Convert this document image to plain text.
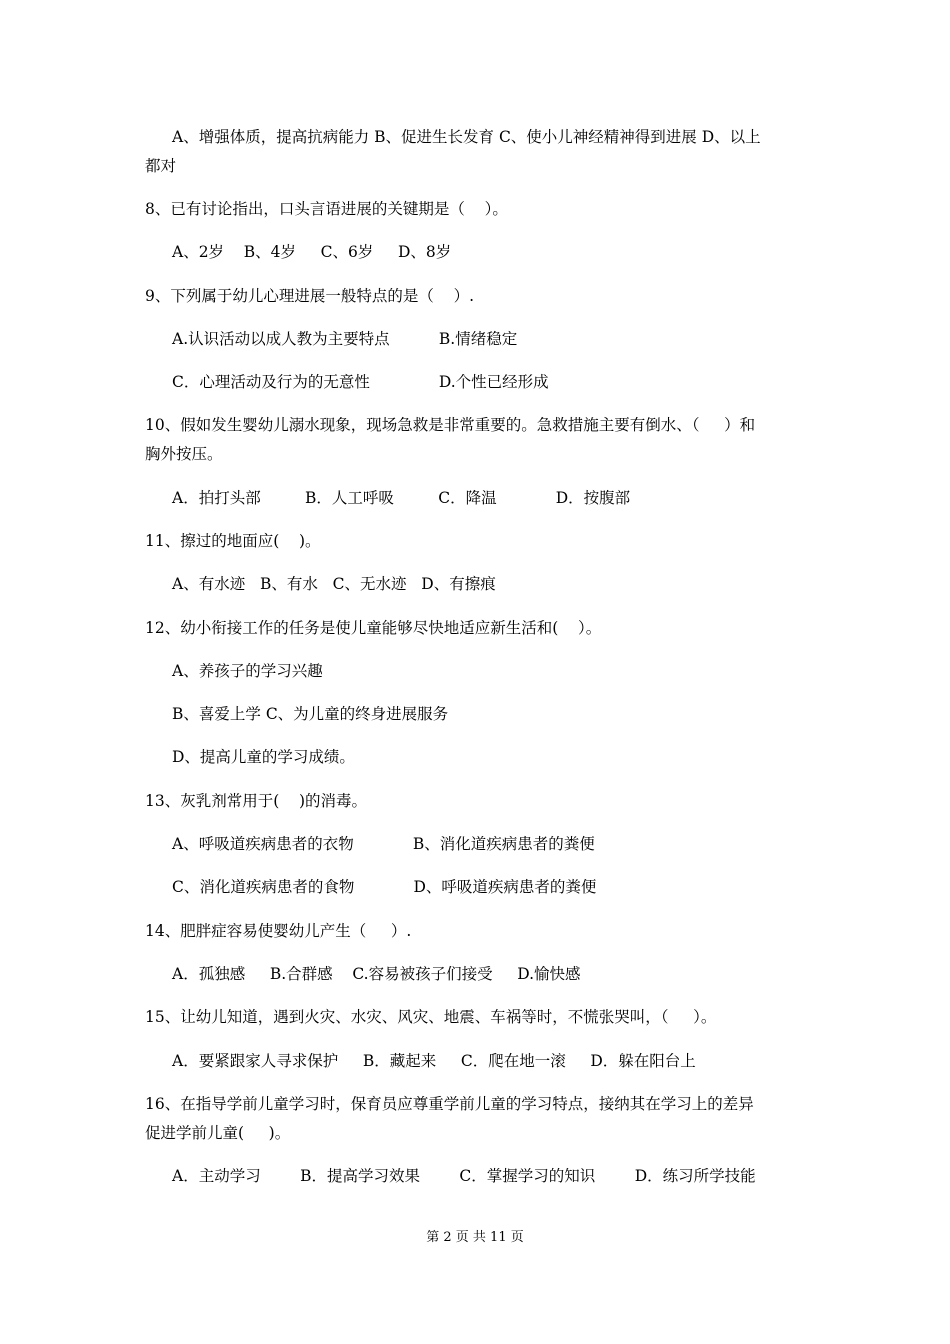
A、增强体质，提高抗病能力 B、促进生长发育 C、使小儿神经精神得到进展 D、以上
都对
8、已有讨论指出，口头言语进展的关键期是（    ）。
A、2岁    B、4岁     C、6岁     D、8岁
9、下列属于幼儿心理进展一般特点的是（    ）.
A.认识活动以成人教为主要特点          B.情绪稳定
C．心理活动及行为的无意性              D.个性已经形成
10、假如发生婴幼儿溺水现象，现场急救是非常重要的。急救措施主要有倒水、（     ）和
胸外按压。
A．拍打头部         B．人工呼吸         C．降温            D．按腹部
11、擦过的地面应(    )。
A、有水迹   B、有水   C、无水迹   D、有擦痕
12、幼小衔接工作的任务是使儿童能够尽快地适应新生活和(    ）。
A、养孩子的学习兴趣
B、喜爱上学 C、为儿童的终身进展服务
D、提高儿童的学习成绩。
13、灰乳剂常用于(    )的消毒。
A、呼吸道疾病患者的衣物            B、消化道疾病患者的粪便
C、消化道疾病患者的食物            D、呼吸道疾病患者的粪便
14、肥胖症容易使婴幼儿产生（     ）.
A．孤独感     B.合群感    C.容易被孩子们接受     D.愉快感
15、让幼儿知道，遇到火灾、水灾、风灾、地震、车祸等时，不慌张哭叫，（     ）。
A．要紧跟家人寻求保护     B．藏起来     C．爬在地一滚     D．躲在阳台上
16、在指导学前儿童学习时，保育员应尊重学前儿童的学习特点，接纳其在学习上的差异
促进学前儿童(     )。
A．主动学习        B．提高学习效果        C．掌握学习的知识        D．练习所学技能
第 2 页 共 11 页
